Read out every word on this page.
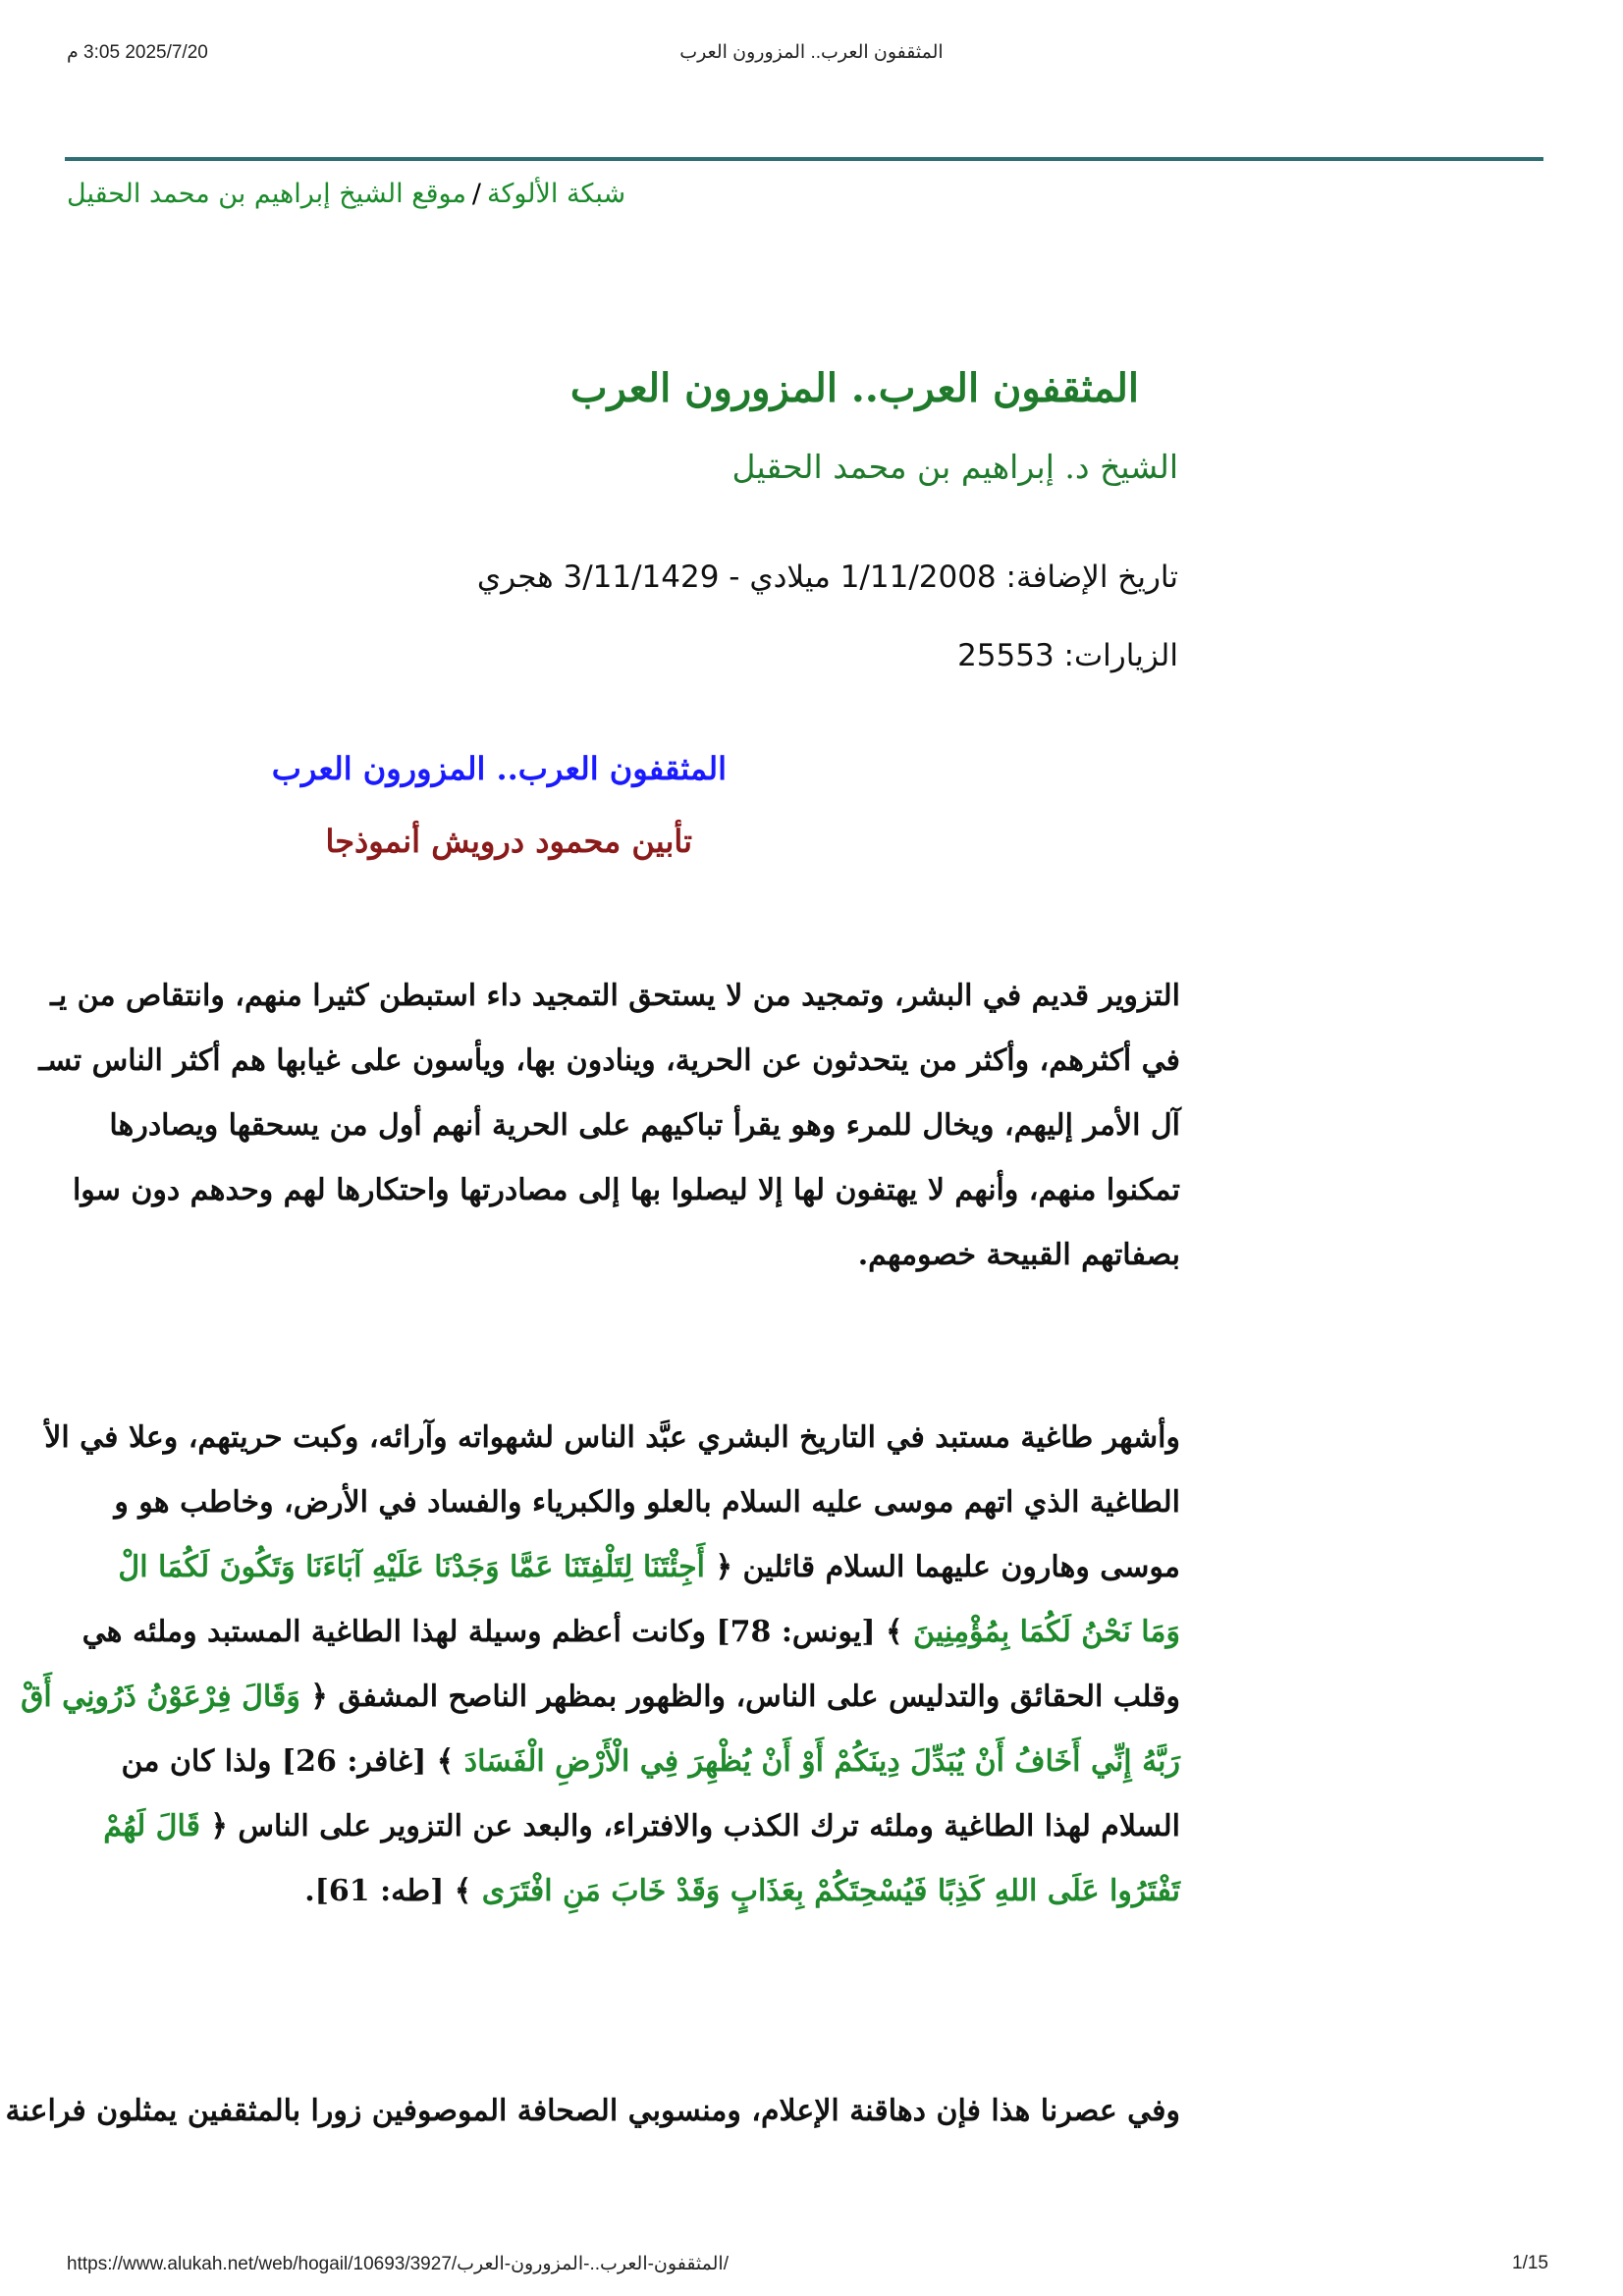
2025/7/20 3:05 م	المثقفون العرب.. المزورون العرب
شبكة الألوكة/موقع الشيخ إبراهيم بن محمد الحقيل
المثقفون العرب.. المزورون العرب
الشيخ د. إبراهيم بن محمد الحقيل
تاريخ الإضافة: 1/11/2008 ميلادي - 3/11/1429 هجري
الزيارات: 25553
المثقفون العرب.. المزورون العرب
تأبين محمود درويش أنموذجا
التزوير قديم في البشر، وتمجيد من لا يستحق التمجيد داء استبطن كثيرا منهم، وانتقاص من يـ
في أكثرهم، وأكثر من يتحدثون عن الحرية، وينادون بها، ويأسون على غيابها هم أكثر الناس تسـ
آل الأمر إليهم، ويخال للمرء وهو يقرأ تباكيهم على الحرية أنهم أول من يسحقها ويصادرها
تمكنوا منهم، وأنهم لا يهتفون لها إلا ليصلوا بها إلى مصادرتها واحتكارها لهم وحدهم دون سوا
بصفاتهم القبيحة خصومهم.
وأشهر طاغية مستبد في التاريخ البشري عبَّد الناس لشهواته وآرائه، وكبت حريتهم، وعلا في الأ
الطاغية الذي اتهم موسى عليه السلام بالعلو والكبرياء والفساد في الأرض، وخاطب هو و
موسى وهارون عليهما السلام قائلين ﴿ أَجِئْتَنَا لِتَلْفِتَنَا عَمَّا وَجَدْنَا عَلَيْهِ آبَاءَنَا وَتَكُونَ لَكُمَا الْ
وَمَا نَحْنُ لَكُمَا بِمُؤْمِنِينَ ﴾ [يونس: 78] وكانت أعظم وسيلة لهذا الطاغية المستبد وملئه هي
وقلب الحقائق والتدليس على الناس، والظهور بمظهر الناصح المشفق ﴿ وَقَالَ فِرْعَوْنُ ذَرُونِي أَقْ
رَبَّهُ إِنِّي أَخَافُ أَنْ يُبَدِّلَ دِينَكُمْ أَوْ أَنْ يُظْهِرَ فِي الْأَرْضِ الْفَسَادَ ﴾ [غافر: 26] ولذا كان من
السلام لهذا الطاغية وملئه ترك الكذب والافتراء، والبعد عن التزوير على الناس ﴿ قَالَ لَهُمْ
تَفْتَرُوا عَلَى اللهِ كَذِبًا فَيُسْحِتَكُمْ بِعَذَابٍ وَقَدْ خَابَ مَنِ افْتَرَى ﴾ [طه: 61].
وفي عصرنا هذا فإن دهاقنة الإعلام، ومنسوبي الصحافة الموصوفين زورا بالمثقفين يمثلون فراعنة
https://www.alukah.net/web/hogail/10693/3927/المثقفون-العرب..-المزورون-العرب/	1/15
